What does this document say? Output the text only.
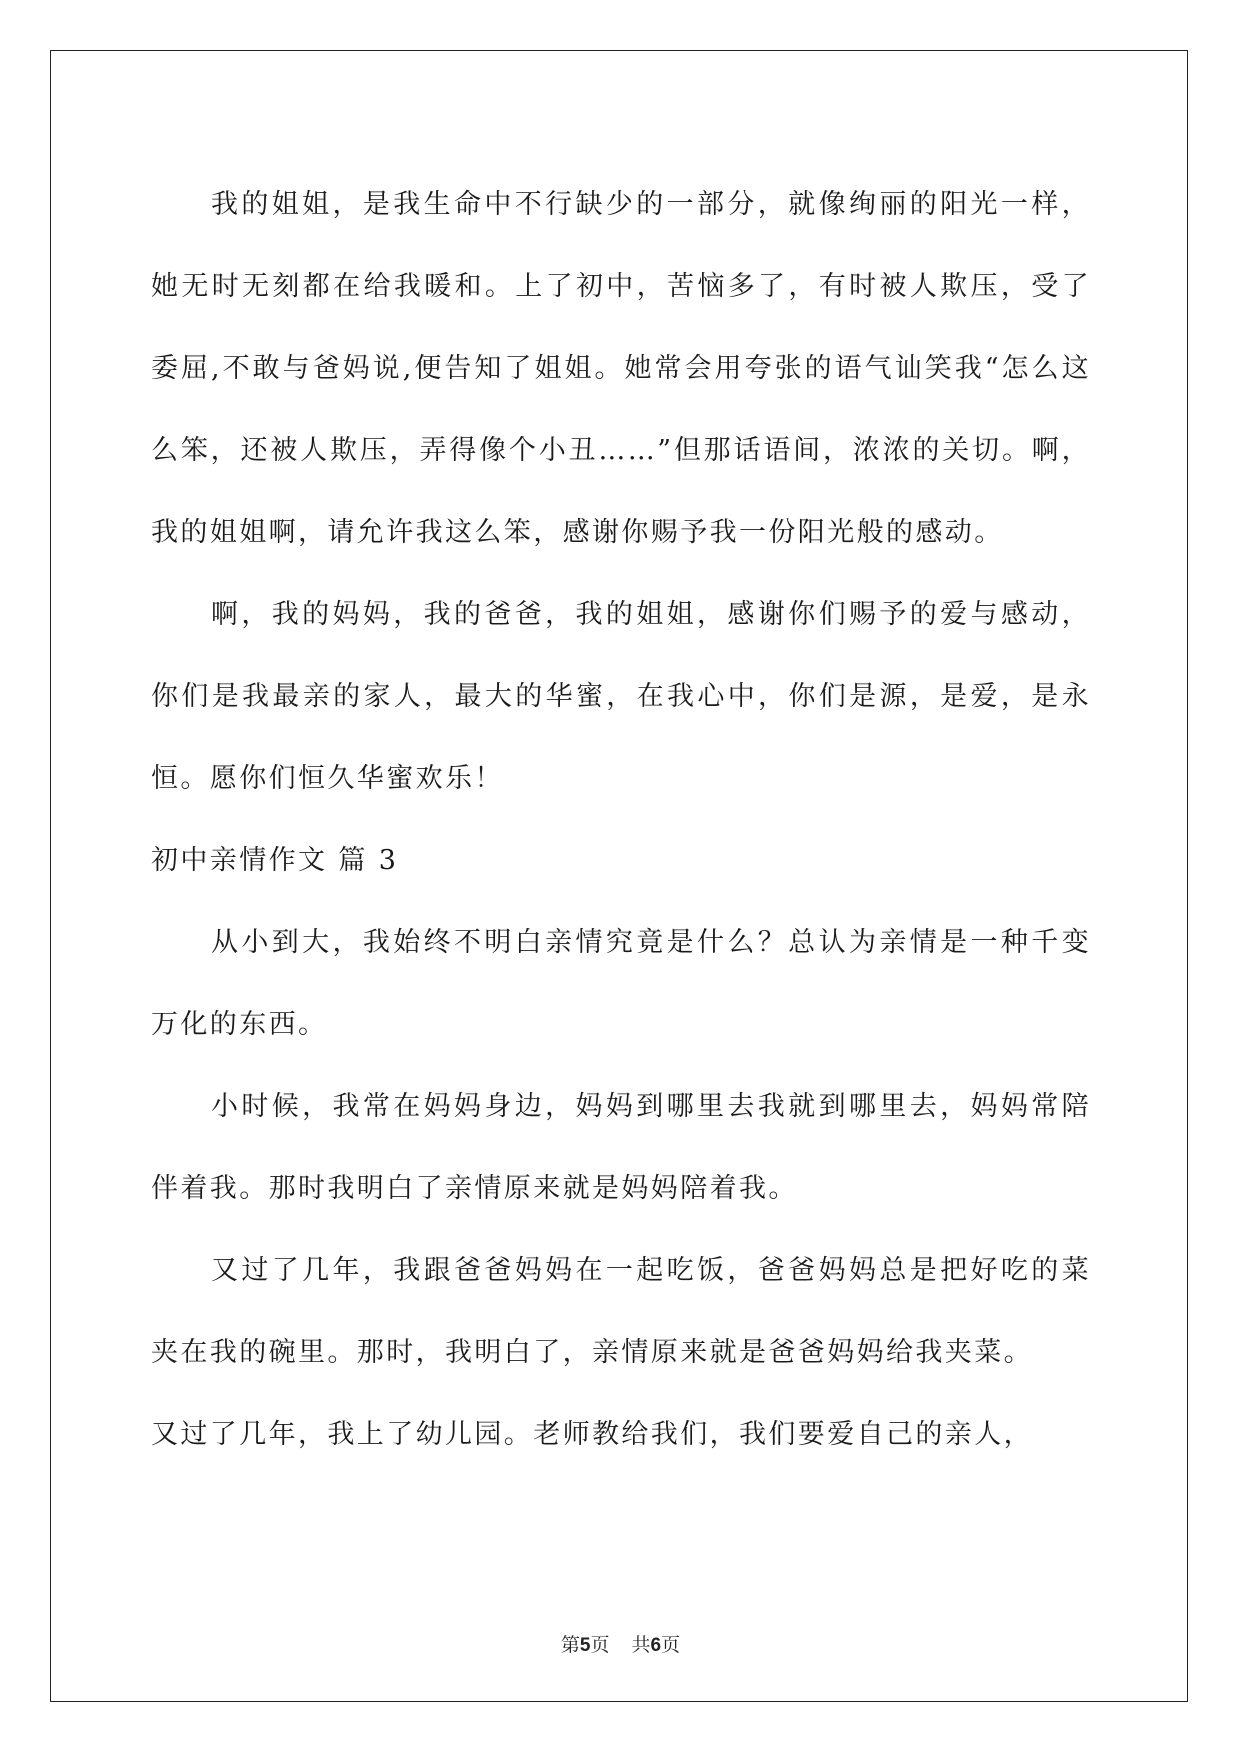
我的姐姐，是我生命中不行缺少的一部分，就像绚丽的阳光一样，她无时无刻都在给我暖和。上了初中，苦恼多了，有时被人欺压，受了委屈,不敢与爸妈说,便告知了姐姐。她常会用夸张的语气讪笑我“怎么这么笨，还被人欺压，弄得像个小丑……”但那话语间，浓浓的关切。啊，我的姐姐啊，请允许我这么笨，感谢你赐予我一份阳光般的感动。

啊，我的妈妈，我的爸爸，我的姐姐，感谢你们赐予的爱与感动，你们是我最亲的家人，最大的华蜜，在我心中，你们是源，是爱，是永恒。愿你们恒久华蜜欢乐！

初中亲情作文 篇 3

从小到大，我始终不明白亲情究竟是什么？总认为亲情是一种千变万化的东西。

小时候，我常在妈妈身边，妈妈到哪里去我就到哪里去，妈妈常陪伴着我。那时我明白了亲情原来就是妈妈陪着我。

又过了几年，我跟爸爸妈妈在一起吃饭，爸爸妈妈总是把好吃的菜夹在我的碗里。那时，我明白了，亲情原来就是爸爸妈妈给我夹菜。

又过了几年，我上了幼儿园。老师教给我们，我们要爱自己的亲人，

第5页 共6页
